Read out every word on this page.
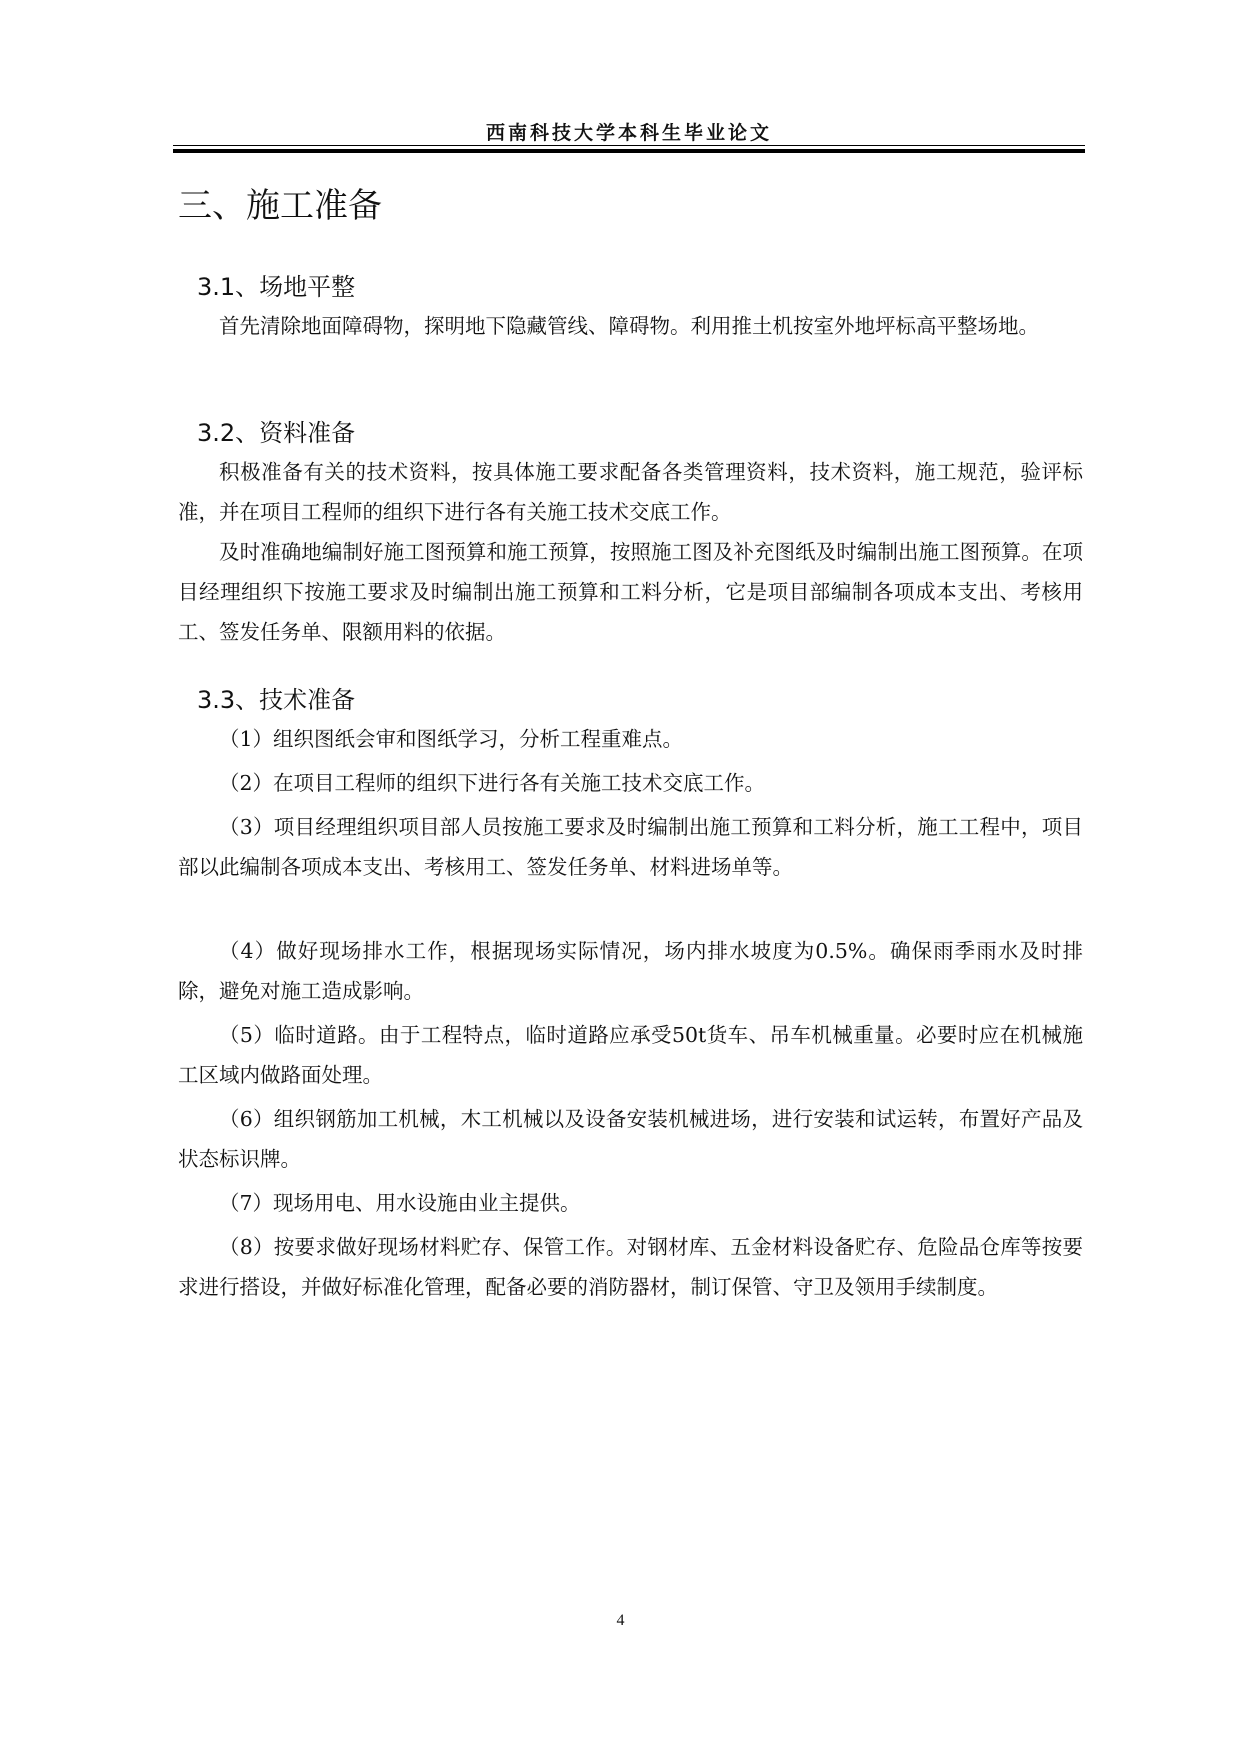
西南科技大学本科生毕业论文
三、施工准备
3.1、场地平整

首先清除地面障碍物，探明地下隐藏管线、障碍物。利用推土机按室外地坪标高平整场地。

3.2、资料准备

积极准备有关的技术资料，按具体施工要求配备各类管理资料，技术资料，施工规范，验评标准，并在项目工程师的组织下进行各有关施工技术交底工作。

及时准确地编制好施工图预算和施工预算，按照施工图及补充图纸及时编制出施工图预算。在项目经理组织下按施工要求及时编制出施工预算和工料分析，它是项目部编制各项成本支出、考核用工、签发任务单、限额用料的依据。

3.3、技术准备

（1）组织图纸会审和图纸学习，分析工程重难点。

（2）在项目工程师的组织下进行各有关施工技术交底工作。

（3）项目经理组织项目部人员按施工要求及时编制出施工预算和工料分析，施工工程中，项目部以此编制各项成本支出、考核用工、签发任务单、材料进场单等。

（4）做好现场排水工作，根据现场实际情况，场内排水坡度为0.5%。确保雨季雨水及时排除，避免对施工造成影响。

（5）临时道路。由于工程特点，临时道路应承受50t货车、吊车机械重量。必要时应在机械施工区域内做路面处理。

（6）组织钢筋加工机械，木工机械以及设备安装机械进场，进行安装和试运转，布置好产品及状态标识牌。

（7）现场用电、用水设施由业主提供。

（8）按要求做好现场材料贮存、保管工作。对钢材库、五金材料设备贮存、危险品仓库等按要求进行搭设，并做好标准化管理，配备必要的消防器材，制订保管、守卫及领用手续制度。

4
